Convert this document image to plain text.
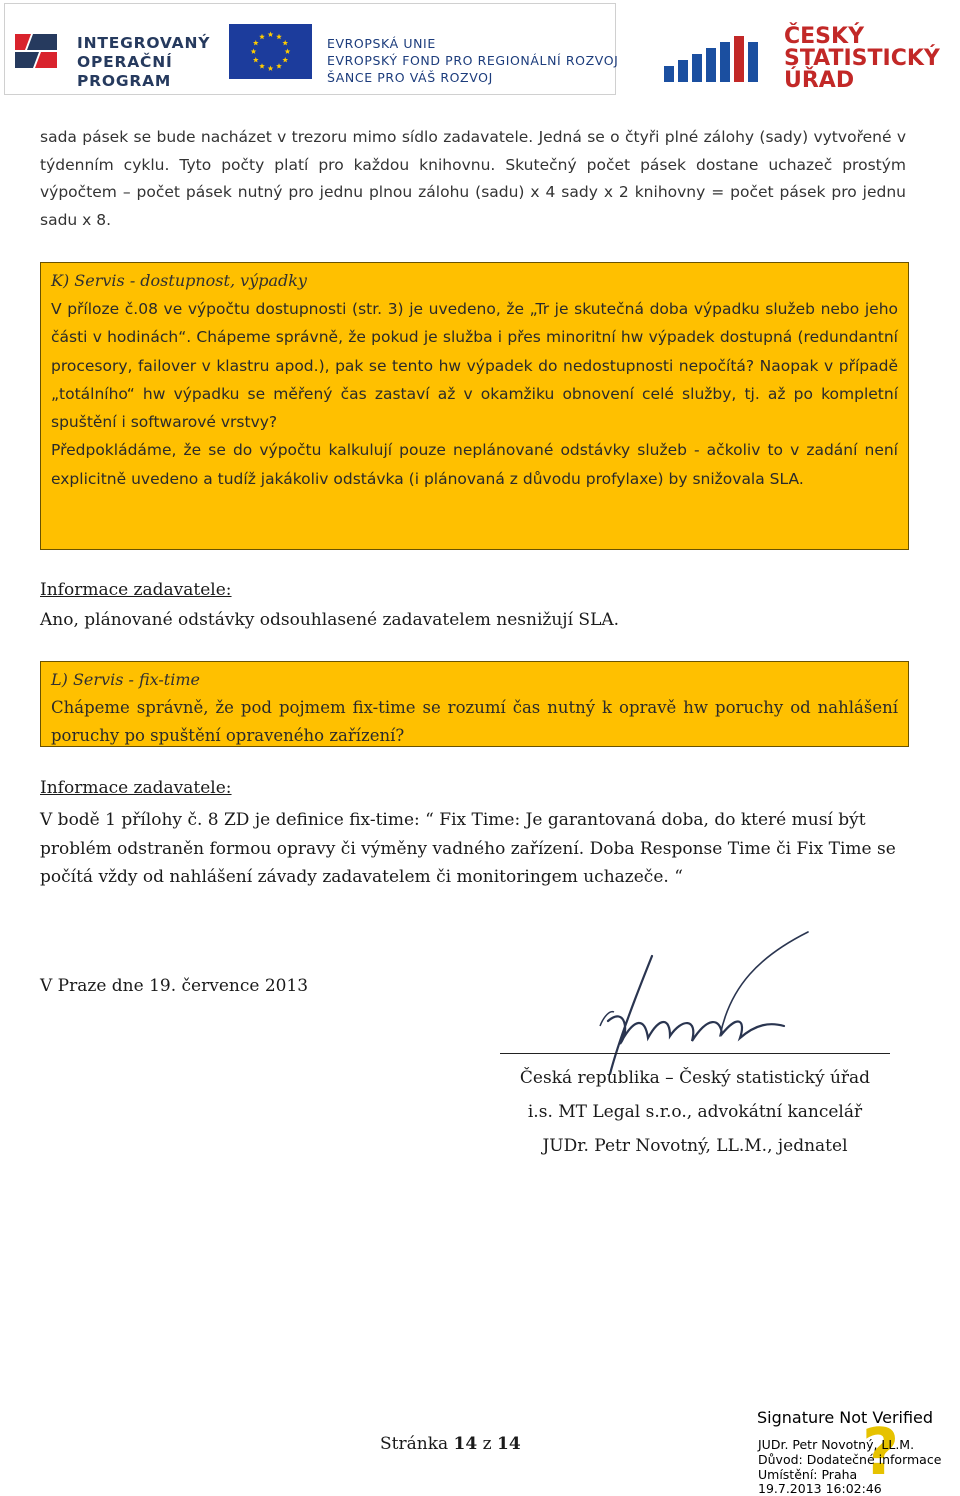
INTEGROVANÝ
OPERAČNÍ
PROGRAM
EVROPSKÁ UNIE
EVROPSKÝ FOND PRO REGIONÁLNÍ ROZVOJ
ŠANCE PRO VÁŠ ROZVOJ
ČESKÝ
STATISTICKÝ
ÚŘAD
sada pásek se bude nacházet v trezoru mimo sídlo zadavatele. Jedná se o čtyři plné zálohy (sady) vytvořené v týdenním cyklu. Tyto počty platí pro každou knihovnu. Skutečný počet pásek dostane uchazeč prostým výpočtem – počet pásek nutný pro jednu plnou zálohu (sadu) x 4 sady x 2 knihovny = počet pásek pro jednu sadu x 8.
K) Servis - dostupnost, výpadky

V příloze č.08 ve výpočtu dostupnosti (str. 3) je uvedeno, že „Tr je skutečná doba výpadku služeb nebo jeho části v hodinách“. Chápeme správně, že pokud je služba i přes minoritní hw výpadek dostupná (redundantní procesory, failover v klastru apod.), pak se tento hw výpadek do nedostupnosti nepočítá? Naopak v případě „totálního“ hw výpadku se měřený čas zastaví až v okamžiku obnovení celé služby, tj. až po kompletní spuštění i softwarové vrstvy?

Předpokládáme, že se do výpočtu kalkulují pouze neplánované odstávky služeb - ačkoliv to v zadání není explicitně uvedeno a tudíž jakákoliv odstávka (i plánovaná z důvodu profylaxe) by snižovala SLA.

Informace zadavatele:
Ano, plánované odstávky odsouhlasené zadavatelem nesnižují SLA.
L) Servis - fix-time

Chápeme správně, že pod pojmem fix-time se rozumí čas nutný k opravě hw poruchy od nahlášení poruchy po spuštění opraveného zařízení?

Informace zadavatele:
V bodě 1 přílohy č. 8 ZD je definice fix-time: “ Fix Time: Je garantovaná doba, do které musí být problém odstraněn formou opravy či výměny vadného zařízení. Doba Response Time či Fix Time se počítá vždy od nahlášení závady zadavatelem či monitoringem uchazeče. “
V Praze dne 19. července 2013
Česká republika – Český statistický úřad
i.s. MT Legal s.r.o., advokátní kancelář
JUDr. Petr Novotný, LL.M., jednatel
Stránka 14 z 14	?
Signature Not Verified
JUDr. Petr Novotný, LL.M.
Důvod: Dodatečné informace
Umístění: Praha
19.7.2013 16:02:46
